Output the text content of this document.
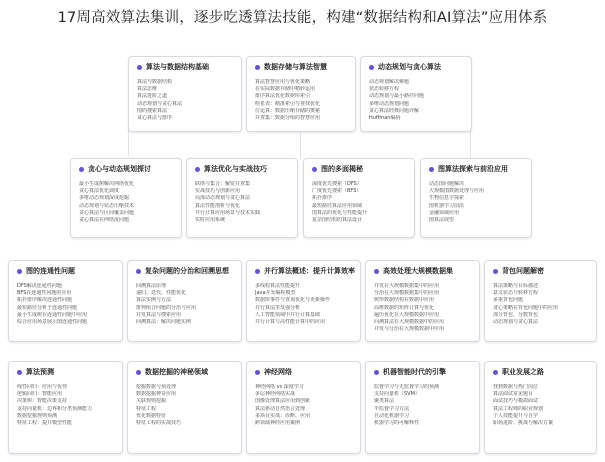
17周高效算法集训，逐步吃透算法技能，构建“数据结构和AI算法”应用体系
算法与数据结构基础
算法与数据结构
算法思维
算法进阶之道
动态规划与贪心算法
图的搜索算法
贪心算法与排序
数据存储与算法智慧
算法智慧应用与优化策略
在实际数据存储中精妙运用
排序算法优化数据库索引
哈希表：精准索引与查找优化
位运算：数据压缩存储的奥秘
并查集：数据分组的智慧应用
动态规划与贪心算法
动态规划解决难题
状态转移方程
动态规划与最小路径问题
多维动态规划问题
贪心算法经典问题详解
Huffman编码
贪心与动态规划探讨
最小生成树解决网络优化
贪心算法优化调度
多维动态规划深度挖掘
动态规划与状态压缩技术
贪心算法与区间覆盖问题
贪心算法在网络流问题
算法优化与实战技巧
联络与集合：解密并查集
实战技巧与创新应用
局部动态规划与贪心算法
算法性能剖析与优化
并行计算应用场景与技术实践
实时应用系统
图的多面揭秘
深度优先搜索（DFS）
广度优先搜索（BFS）
拓扑排序
最短路径算法应用领域
图算法的优化与性能提升
复杂图结构的算法设计
图算法探索与前沿应用
动态图问题解决
大规模图数据处理与应用
生物信息学探索
图机器学习前沿
金融领域应用
图算法展望
图的连通性问题
DFS解决连通性问题
BFS在连通性问题的应用
拓扑排序解决连通性问题
最短路径分析于连通性问题
最小生成树在连通性问题中应用
综合应用场景展示图连通性问题
复杂问题的分治和回溯思想
回溯算法原理
递归、迭代、性能优化
算法实例与方法
排列组合问题的分治与应用
并发算法与搜索应用
回溯算法：解决问题实例
并行算法概述：提升计算效率
多线程算法性能提升
Java并发编程模型
数据库事件与查询优化与更新操作
并行算法里及强分析
人工智能领域中并行计算基础
并行计算与高性能计算中的应用
高效处理大规模数据集
并发在大规模数据集中的应用
分治在大规模数据集中的应用
树形数据结构在数据中应用
高维数据的矩阵计算与优化
遍历优化在大规模数据中应用
回溯算法在大规模数据中的应用
并发与分治在大规模数据中应用
背包问题解密
算法策略与目标描述
意义状态与转移方程
多重背包问题
贪心策略在背包问题中的应用
部分背包、分数背包
动态规划与贪心算法
算法预测
线性回归：应用与优势
逻辑回归：智能应用
决策树：智能决策支持
支持向量机：边界和分类预测能力
数据挖掘规则预测
特征工程：提升模型性能
数据挖掘的神秘领域
挖掘数据与预处理
数据挖掘神奇应用
关联规则挖掘
特征工程
优化数据特征
特征工程的实战技巧
神经网络
神经网络 vs 深度学习
多层神经网络实战
图像处理算法应用到创新
算法驱动自然语言处理
多项目实战：诊断、应用
跨领域神经应用案例
机器智能时代的引擎
监督学习与无监督学习的预测
支持向量机（SVM）
聚类算法
半监督学习方法
自动化机器学习
机器学习的可解释性
职业发展之路
找到数据与热门岗位
算法面试常见题目
面试技巧与模拟面试
算法工程师的职业规划
个人技能提升与自学
职场进阶、挑战与解决方案
